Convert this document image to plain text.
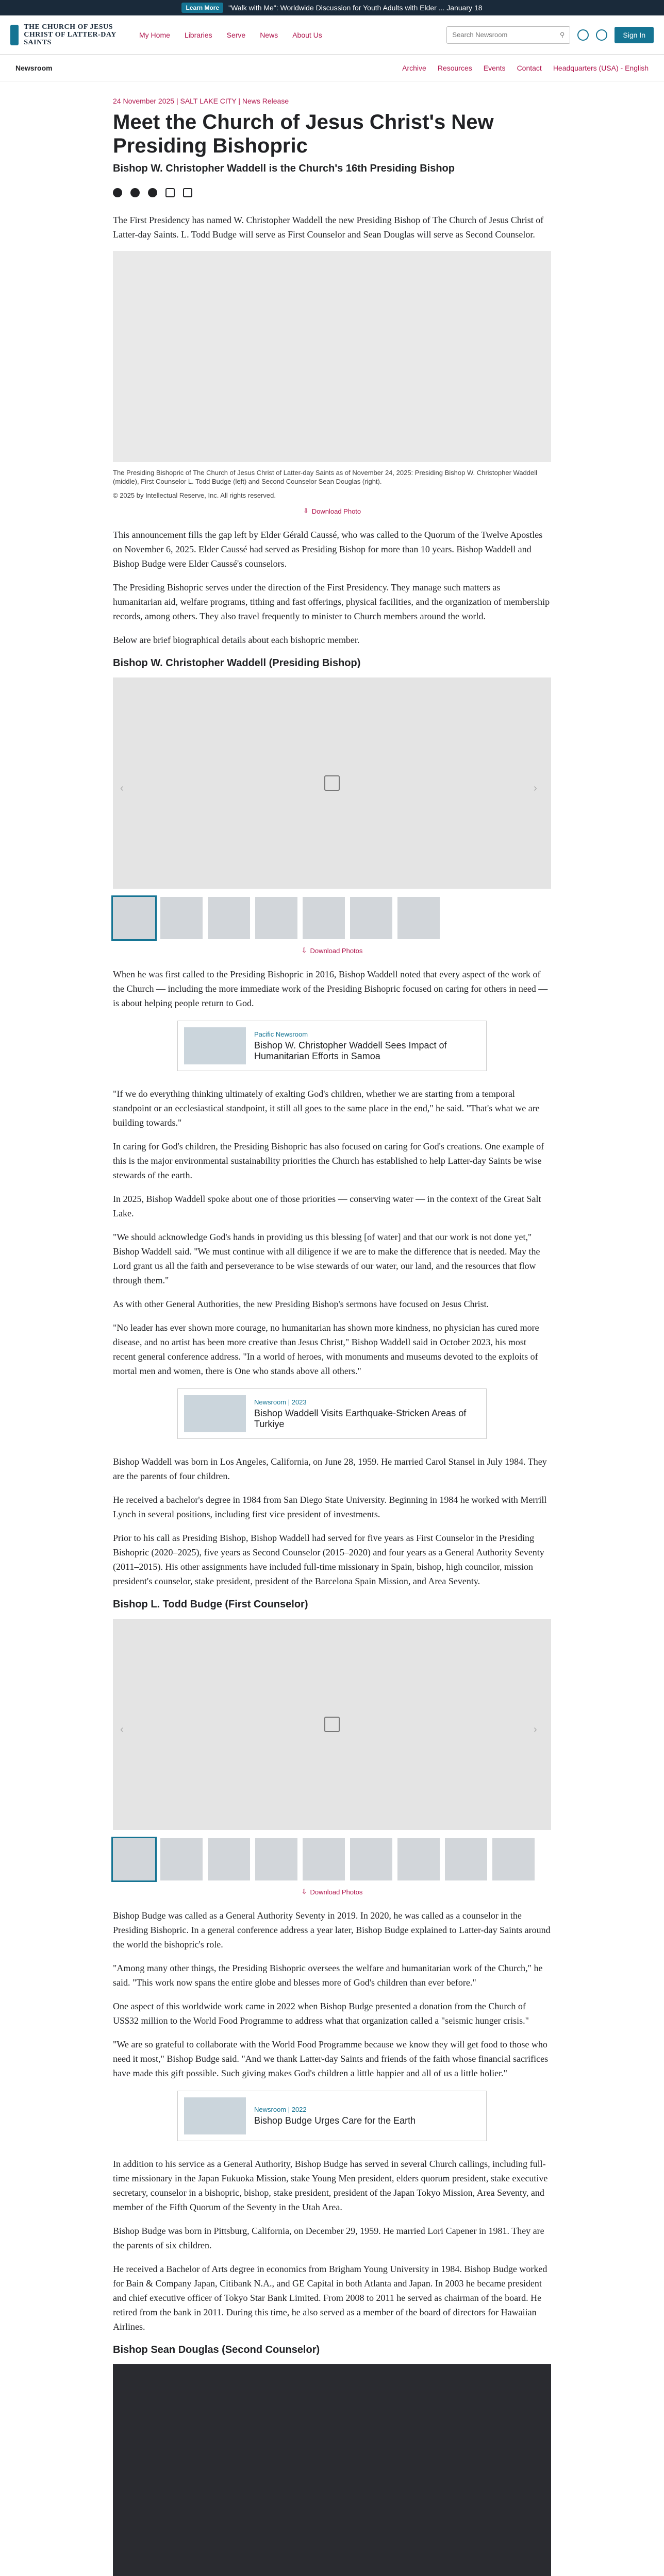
Learn More	"Walk with Me": Worldwide Discussion for Youth Adults with Elder ... January 18
THE CHURCH OF JESUS CHRIST OF LATTER-DAY SAINTS
My Home Libraries Serve News About Us
Search Newsroom	⚲	Sign In
Newsroom	Archive Resources Events Contact Headquarters (USA) - English
24 November 2025 | SALT LAKE CITY | News Release
Meet the Church of Jesus Christ's New Presiding Bishopric
Bishop W. Christopher Waddell is the Church's 16th Presiding Bishop

The First Presidency has named W. Christopher Waddell the new Presiding Bishop of The Church of Jesus Christ of Latter-day Saints. L. Todd Budge will serve as First Counselor and Sean Douglas will serve as Second Counselor.

The Presiding Bishopric of The Church of Jesus Christ of Latter-day Saints as of November 24, 2025: Presiding Bishop W. Christopher Waddell (middle), First Counselor L. Todd Budge (left) and Second Counselor Sean Douglas (right).
© 2025 by Intellectual Reserve, Inc. All rights reserved.
⇩ Download Photo

This announcement fills the gap left by Elder Gérald Caussé, who was called to the Quorum of the Twelve Apostles on November 6, 2025. Elder Caussé had served as Presiding Bishop for more than 10 years. Bishop Waddell and Bishop Budge were Elder Caussé's counselors.

The Presiding Bishopric serves under the direction of the First Presidency. They manage such matters as humanitarian aid, welfare programs, tithing and fast offerings, physical facilities, and the organization of membership records, among others. They also travel frequently to minister to Church members around the world.

Below are brief biographical details about each bishopric member.

Bishop W. Christopher Waddell (Presiding Bishop)
‹	›
⇩ Download Photos

When he was first called to the Presiding Bishopric in 2016, Bishop Waddell noted that every aspect of the work of the Church — including the more immediate work of the Presiding Bishopric focused on caring for others in need — is about helping people return to God.

Pacific Newsroom
Bishop W. Christopher Waddell Sees Impact of Humanitarian Efforts in Samoa

"If we do everything thinking ultimately of exalting God's children, whether we are starting from a temporal standpoint or an ecclesiastical standpoint, it still all goes to the same place in the end," he said. "That's what we are building towards."

In caring for God's children, the Presiding Bishopric has also focused on caring for God's creations. One example of this is the major environmental sustainability priorities the Church has established to help Latter-day Saints be wise stewards of the earth.

In 2025, Bishop Waddell spoke about one of those priorities — conserving water — in the context of the Great Salt Lake.

"We should acknowledge God's hands in providing us this blessing [of water] and that our work is not done yet," Bishop Waddell said. "We must continue with all diligence if we are to make the difference that is needed. May the Lord grant us all the faith and perseverance to be wise stewards of our water, our land, and the resources that flow through them."

As with other General Authorities, the new Presiding Bishop's sermons have focused on Jesus Christ.

"No leader has ever shown more courage, no humanitarian has shown more kindness, no physician has cured more disease, and no artist has been more creative than Jesus Christ," Bishop Waddell said in October 2023, his most recent general conference address. "In a world of heroes, with monuments and museums devoted to the exploits of mortal men and women, there is One who stands above all others."

Newsroom | 2023
Bishop Waddell Visits Earthquake-Stricken Areas of Turkiye

Bishop Waddell was born in Los Angeles, California, on June 28, 1959. He married Carol Stansel in July 1984. They are the parents of four children.

He received a bachelor's degree in 1984 from San Diego State University. Beginning in 1984 he worked with Merrill Lynch in several positions, including first vice president of investments.

Prior to his call as Presiding Bishop, Bishop Waddell had served for five years as First Counselor in the Presiding Bishopric (2020–2025), five years as Second Counselor (2015–2020) and four years as a General Authority Seventy (2011–2015). His other assignments have included full-time missionary in Spain, bishop, high councilor, mission president's counselor, stake president, president of the Barcelona Spain Mission, and Area Seventy.

Bishop L. Todd Budge (First Counselor)
‹	›
⇩ Download Photos

Bishop Budge was called as a General Authority Seventy in 2019. In 2020, he was called as a counselor in the Presiding Bishopric. In a general conference address a year later, Bishop Budge explained to Latter-day Saints around the world the bishopric's role.

"Among many other things, the Presiding Bishopric oversees the welfare and humanitarian work of the Church," he said. "This work now spans the entire globe and blesses more of God's children than ever before."

One aspect of this worldwide work came in 2022 when Bishop Budge presented a donation from the Church of US$32 million to the World Food Programme to address what that organization called a "seismic hunger crisis."

"We are so grateful to collaborate with the World Food Programme because we know they will get food to those who need it most," Bishop Budge said. "And we thank Latter-day Saints and friends of the faith whose financial sacrifices have made this gift possible. Such giving makes God's children a little happier and all of us a little holier."

Newsroom | 2022
Bishop Budge Urges Care for the Earth

In addition to his service as a General Authority, Bishop Budge has served in several Church callings, including full-time missionary in the Japan Fukuoka Mission, stake Young Men president, elders quorum president, stake executive secretary, counselor in a bishopric, bishop, stake president, president of the Japan Tokyo Mission, Area Seventy, and member of the Fifth Quorum of the Seventy in the Utah Area.

Bishop Budge was born in Pittsburg, California, on December 29, 1959. He married Lori Capener in 1981. They are the parents of six children.

He received a Bachelor of Arts degree in economics from Brigham Young University in 1984. Bishop Budge worked for Bain & Company Japan, Citibank N.A., and GE Capital in both Atlanta and Japan. In 2003 he became president and chief executive officer of Tokyo Star Bank Limited. From 2008 to 2011 he served as chairman of the board. He retired from the bank in 2011. During this time, he also served as a member of the board of directors for Hawaiian Airlines.

Bishop Sean Douglas (Second Counselor)
